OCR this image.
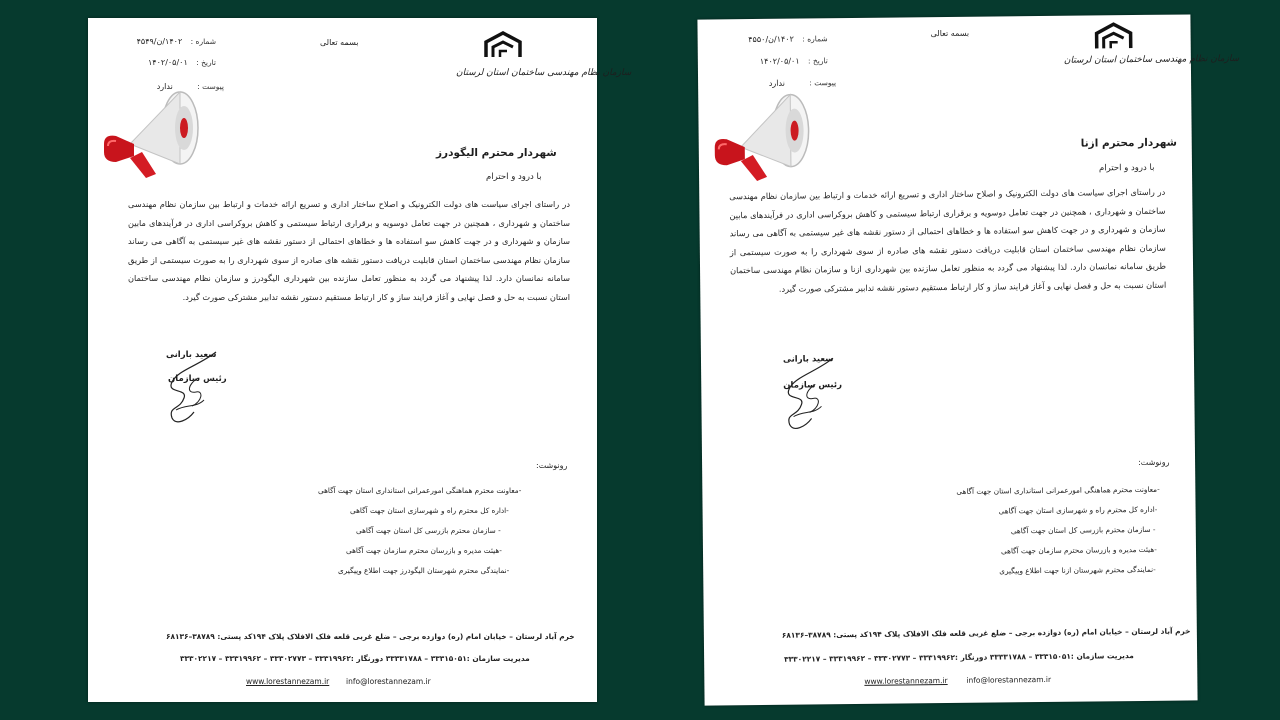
سازمان نظام مهندسی ساختمان استان لرستان
بسمه تعالی
شماره : ۱۴۰۲/ن/۴۵۴۹
تاریخ : ۱۴۰۲/۰۵/۰۱
پیوست : ندارد
شهردار محترم الیگودرز
با درود و احترام
در راستای اجرای سیاست های دولت الکترونیک و اصلاح ساختار اداری و تسریع ارائه خدمات و ارتباط بین سازمان نظام مهندسی ساختمان و شهرداری ، همچنین در جهت تعامل دوسویه و برقراری ارتباط سیستمی و کاهش بروکراسی اداری در فرآیندهای مابین سازمان و شهرداری و در جهت کاهش سو استفاده ها و خطاهای احتمالی از دستور نقشه های غیر سیستمی به آگاهی می رساند سازمان نظام مهندسی ساختمان استان قابلیت دریافت دستور نقشه های صادره از سوی شهرداری را به صورت سیستمی از طریق سامانه نمانسان دارد. لذا پیشنهاد می گردد به منظور تعامل سازنده بین شهرداری الیگودرز و سازمان نظام مهندسی ساختمان استان نسبت به حل و فصل نهایی و آغاز فرایند ساز و کار ارتباط مستقیم دستور نقشه تدابیر مشترکی صورت گیرد.
سعید بارانی
رئیس سازمان
رونوشت:
-معاونت محترم هماهنگی امورعمرانی استانداری استان جهت آگاهی
-اداره کل محترم راه و شهرسازی استان جهت آگاهی
- سازمان محترم بازرسی کل استان جهت آگاهی
-هیئت مدیره و بازرسان محترم سازمان جهت آگاهی
-نمایندگی محترم شهرستان الیگودرز جهت اطلاع وپیگیری
خرم آباد لرستان – خیابان امام (ره) دوازده برجی – ضلع غربی قلعه فلک الافلاک پلاک ۱۹۴کد پستی: ۳۸۷۸۹–۶۸۱۳۶
مدیریت سازمان :۳۳۳۱۵۰۵۱ – ۳۳۳۳۱۷۸۸ دورنگار :۳۳۳۱۹۹۶۲ – ۳۳۳۰۲۷۷۳ – ۳۳۳۱۹۹۶۲ – ۳۳۳۰۲۲۱۷
www.lorestannezam.ir info@lorestannezam.ir
سازمان نظام مهندسی ساختمان استان لرستان
بسمه تعالی
شماره : ۱۴۰۲/ن/۴۵۵۰
تاریخ : ۱۴۰۲/۰۵/۰۱
پیوست : ندارد
شهردار محترم ازنا
با درود و احترام
در راستای اجرای سیاست های دولت الکترونیک و اصلاح ساختار اداری و تسریع ارائه خدمات و ارتباط بین سازمان نظام مهندسی ساختمان و شهرداری ، همچنین در جهت تعامل دوسویه و برقراری ارتباط سیستمی و کاهش بروکراسی اداری در فرآیندهای مابین سازمان و شهرداری و در جهت کاهش سو استفاده ها و خطاهای احتمالی از دستور نقشه های غیر سیستمی به آگاهی می رساند سازمان نظام مهندسی ساختمان استان قابلیت دریافت دستور نقشه های صادره از سوی شهرداری را به صورت سیستمی از طریق سامانه نمانسان دارد. لذا پیشنهاد می گردد به منظور تعامل سازنده بین شهرداری ازنا و سازمان نظام مهندسی ساختمان استان نسبت به حل و فصل نهایی و آغاز فرایند ساز و کار ارتباط مستقیم دستور نقشه تدابیر مشترکی صورت گیرد.
سعید بارانی
رئیس سازمان
رونوشت:
-معاونت محترم هماهنگی امورعمرانی استانداری استان جهت آگاهی
-اداره کل محترم راه و شهرسازی استان جهت آگاهی
- سازمان محترم بازرسی کل استان جهت آگاهی
-هیئت مدیره و بازرسان محترم سازمان جهت آگاهی
-نمایندگی محترم شهرستان ازنا جهت اطلاع وپیگیری
خرم آباد لرستان – خیابان امام (ره) دوازده برجی – ضلع غربی قلعه فلک الافلاک پلاک ۱۹۴کد پستی: ۳۸۷۸۹–۶۸۱۳۶
مدیریت سازمان :۳۳۳۱۵۰۵۱ – ۳۳۳۳۱۷۸۸ دورنگار :۳۳۳۱۹۹۶۲ – ۳۳۳۰۲۷۷۳ – ۳۳۳۱۹۹۶۲ – ۳۳۳۰۲۲۱۷
www.lorestannezam.ir info@lorestannezam.ir
